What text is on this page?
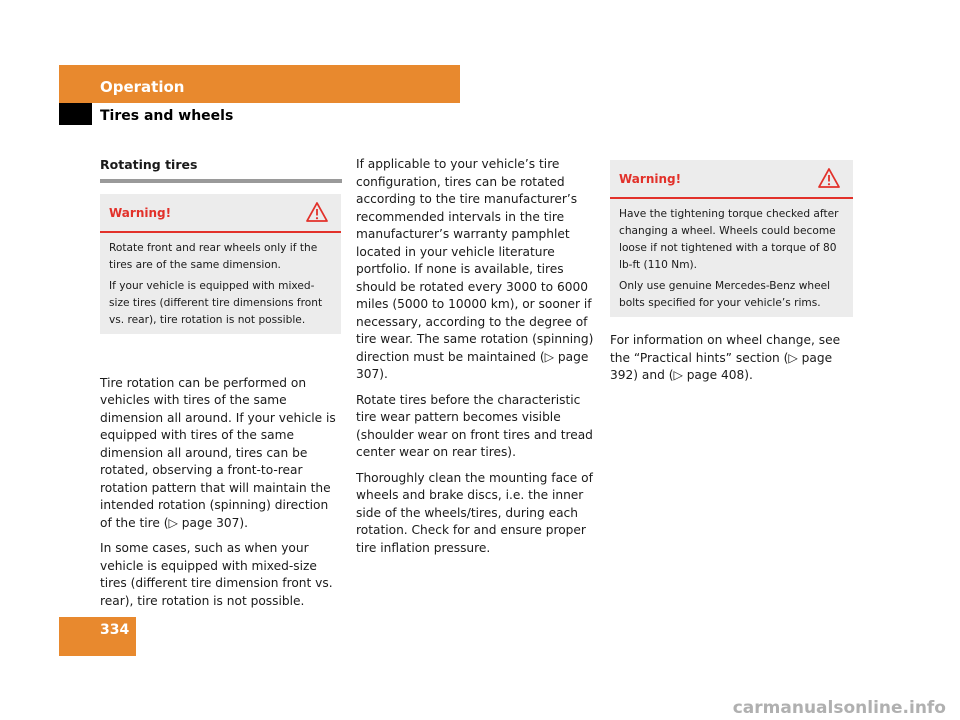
Operation
Tires and wheels
Rotating tires

Tire rotation can be performed on vehicles with tires of the same dimension all around. If your vehicle is equipped with tires of the same dimension all around, tires can be rotated, observing a front-to-rear rotation pattern that will maintain the intended rotation (spinning) direction of the tire (▷ page 307).

In some cases, such as when your vehicle is equipped with mixed-size tires (different tire dimension front vs. rear), tire rotation is not possible.

Warning!

Rotate front and rear wheels only if the tires are of the same dimension.

If your vehicle is equipped with mixed-size tires (different tire dimensions front vs. rear), tire rotation is not possible.

If applicable to your vehicle’s tire configuration, tires can be rotated according to the tire manufacturer’s recommended intervals in the tire manufacturer’s warranty pamphlet located in your vehicle literature portfolio. If none is available, tires should be rotated every 3000 to 6000 miles (5000 to 10000 km), or sooner if necessary, according to the degree of tire wear. The same rotation (spinning) direction must be maintained (▷ page 307).

Rotate tires before the characteristic tire wear pattern becomes visible (shoulder wear on front tires and tread center wear on rear tires).

Thoroughly clean the mounting face of wheels and brake discs, i.e. the inner side of the wheels/tires, during each rotation. Check for and ensure proper tire inflation pressure.

Warning!

Have the tightening torque checked after changing a wheel. Wheels could become loose if not tightened with a torque of 80 lb-ft (110 Nm).

Only use genuine Mercedes-Benz wheel bolts specified for your vehicle’s rims.

For information on wheel change, see the “Practical hints” section (▷ page 392) and (▷ page 408).

334
carmanualsonline.info
